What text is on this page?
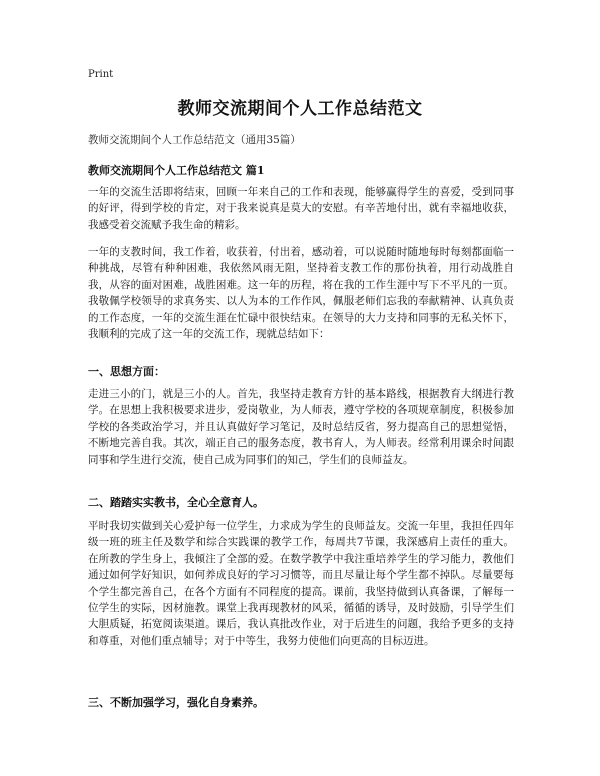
Print
教师交流期间个人工作总结范文
教师交流期间个人工作总结范文（通用35篇）
教师交流期间个人工作总结范文 篇1

一年的交流生活即将结束，回顾一年来自己的工作和表现，能够赢得学生的喜爱，受到同事的好评，得到学校的肯定，对于我来说真是莫大的安慰。有辛苦地付出，就有幸福地收获，我感受着交流赋予我生命的精彩。

一年的支教时间，我工作着，收获着，付出着，感动着，可以说随时随地每时每刻都面临一种挑战，尽管有种种困难，我依然风雨无阻，坚持着支教工作的那份执着，用行动战胜自我，从容的面对困难，战胜困难。这一年的历程，将在我的工作生涯中写下不平凡的一页。我敬佩学校领导的求真务实、以人为本的工作作风，佩服老师们忘我的奉献精神、认真负责的工作态度，一年的交流生涯在忙碌中很快结束。在领导的大力支持和同事的无私关怀下，我顺利的完成了这一年的交流工作，现就总结如下：

一、思想方面：

走进三小的门，就是三小的人。首先，我坚持走教育方针的基本路线，根据教育大纲进行教学。在思想上我积极要求进步，爱岗敬业，为人师表，遵守学校的各项规章制度，积极参加学校的各类政治学习，并且认真做好学习笔记，及时总结反省，努力提高自己的思想觉悟，不断地完善自我。其次，端正自己的服务态度，教书育人，为人师表。经常利用课余时间跟同事和学生进行交流，使自己成为同事们的知己，学生们的良师益友。

二、踏踏实实教书，全心全意育人。

平时我切实做到关心爱护每一位学生，力求成为学生的良师益友。交流一年里，我担任四年级一班的班主任及数学和综合实践课的教学工作，每周共7节课，我深感肩上责任的重大。在所教的学生身上，我倾注了全部的爱。在数学教学中我注重培养学生的学习能力，教他们通过如何学好知识，如何养成良好的学习习惯等，而且尽量让每个学生都不掉队。尽量要每个学生都完善自己，在各个方面有不同程度的提高。课前，我坚持做到认真备课，了解每一位学生的实际，因材施教。课堂上我再现教材的风采，循循的诱导，及时鼓励，引导学生们大胆质疑，拓宽阅读渠道。课后，我认真批改作业，对于后进生的问题，我给予更多的支持和尊重，对他们重点辅导；对于中等生，我努力使他们向更高的目标迈进。

三、不断加强学习，强化自身素养。
